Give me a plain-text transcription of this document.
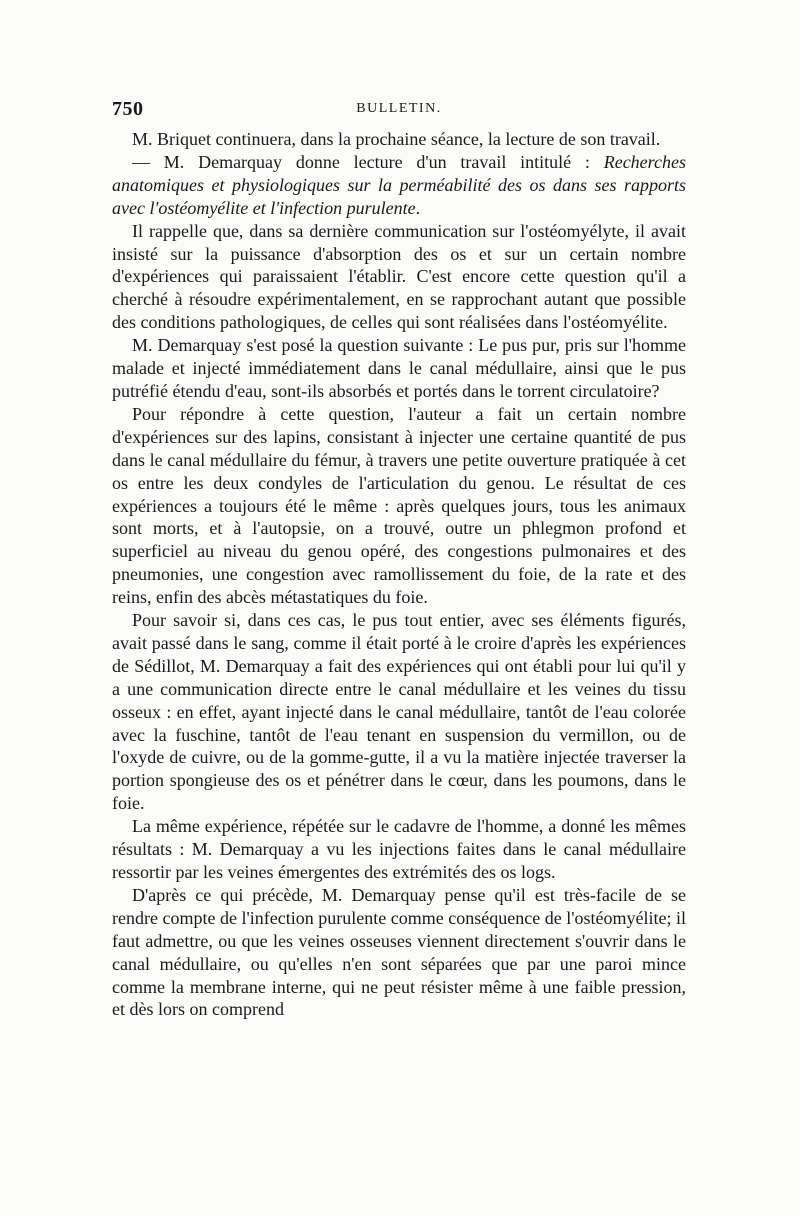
750	BULLETIN.

M. Briquet continuera, dans la prochaine séance, la lecture de son travail.

— M. Demarquay donne lecture d'un travail intitulé : Recherches anatomiques et physiologiques sur la perméabilité des os dans ses rapports avec l'ostéomyélite et l'infection purulente.

Il rappelle que, dans sa dernière communication sur l'ostéomyélyte, il avait insisté sur la puissance d'absorption des os et sur un certain nombre d'expériences qui paraissaient l'établir. C'est encore cette question qu'il a cherché à résoudre expérimentalement, en se rapprochant autant que possible des conditions pathologiques, de celles qui sont réalisées dans l'ostéomyélite.

M. Demarquay s'est posé la question suivante : Le pus pur, pris sur l'homme malade et injecté immédiatement dans le canal médullaire, ainsi que le pus putréfié étendu d'eau, sont-ils absorbés et portés dans le torrent circulatoire?

Pour répondre à cette question, l'auteur a fait un certain nombre d'expériences sur des lapins, consistant à injecter une certaine quantité de pus dans le canal médullaire du fémur, à travers une petite ouverture pratiquée à cet os entre les deux condyles de l'articulation du genou. Le résultat de ces expériences a toujours été le même : après quelques jours, tous les animaux sont morts, et à l'autopsie, on a trouvé, outre un phlegmon profond et superficiel au niveau du genou opéré, des congestions pulmonaires et des pneumonies, une congestion avec ramollissement du foie, de la rate et des reins, enfin des abcès métastatiques du foie.

Pour savoir si, dans ces cas, le pus tout entier, avec ses éléments figurés, avait passé dans le sang, comme il était porté à le croire d'après les expériences de Sédillot, M. Demarquay a fait des expériences qui ont établi pour lui qu'il y a une communication directe entre le canal médullaire et les veines du tissu osseux : en effet, ayant injecté dans le canal médullaire, tantôt de l'eau colorée avec la fuschine, tantôt de l'eau tenant en suspension du vermillon, ou de l'oxyde de cuivre, ou de la gomme-gutte, il a vu la matière injectée traverser la portion spongieuse des os et pénétrer dans le cœur, dans les poumons, dans le foie.

La même expérience, répétée sur le cadavre de l'homme, a donné les mêmes résultats : M. Demarquay a vu les injections faites dans le canal médullaire ressortir par les veines émergentes des extrémités des os logs.

D'après ce qui précède, M. Demarquay pense qu'il est très-facile de se rendre compte de l'infection purulente comme conséquence de l'ostéomyélite; il faut admettre, ou que les veines osseuses viennent directement s'ouvrir dans le canal médullaire, ou qu'elles n'en sont séparées que par une paroi mince comme la membrane interne, qui ne peut résister même à une faible pression, et dès lors on comprend
